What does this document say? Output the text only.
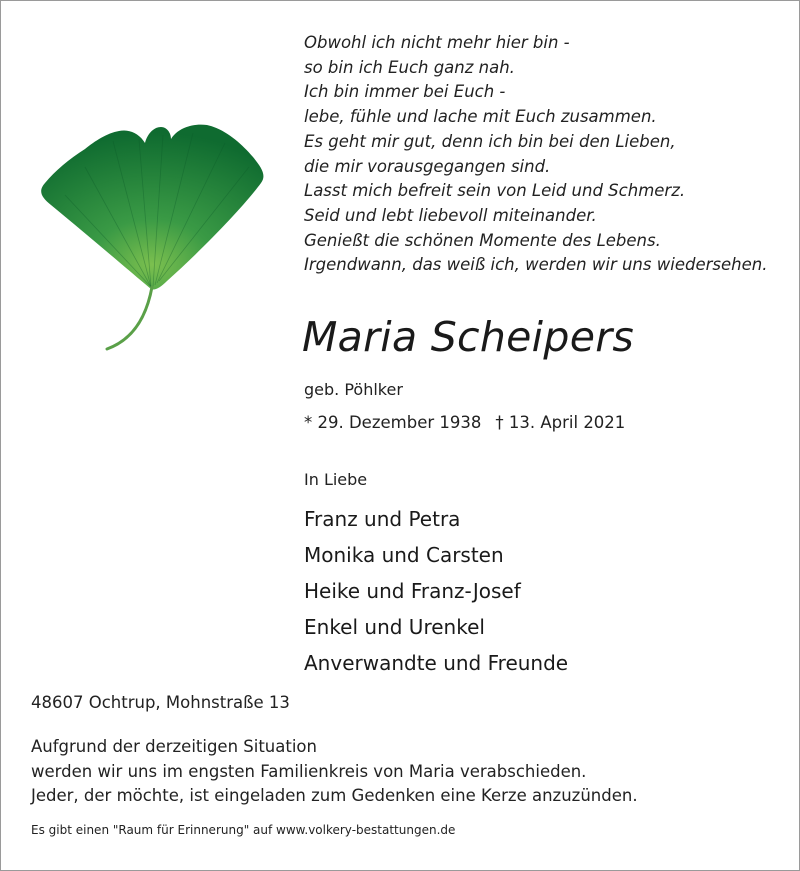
Obwohl ich nicht mehr hier bin -
so bin ich Euch ganz nah.
Ich bin immer bei Euch -
lebe, fühle und lache mit Euch zusammen.
Es geht mir gut, denn ich bin bei den Lieben,
die mir vorausgegangen sind.
Lasst mich befreit sein von Leid und Schmerz.
Seid und lebt liebevoll miteinander.
Genießt die schönen Momente des Lebens.
Irgendwann, das weiß ich, werden wir uns wiedersehen.
Maria Scheipers
geb. Pöhlker
* 29. Dezember 1938 † 13. April 2021
In Liebe
Franz und Petra
Monika und Carsten
Heike und Franz-Josef
Enkel und Urenkel
Anverwandte und Freunde
48607 Ochtrup, Mohnstraße 13
Aufgrund der derzeitigen Situation
werden wir uns im engsten Familienkreis von Maria verabschieden.
Jeder, der möchte, ist eingeladen zum Gedenken eine Kerze anzuzünden.
Es gibt einen "Raum für Erinnerung" auf www.volkery-bestattungen.de
